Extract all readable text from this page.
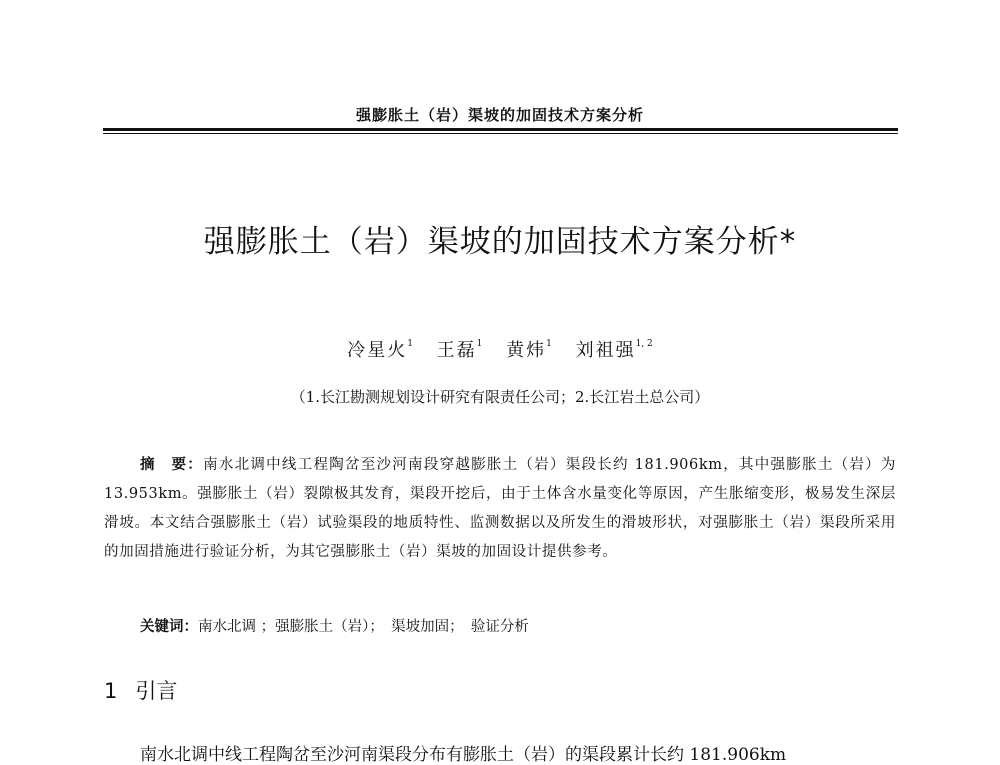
强膨胀土（岩）渠坡的加固技术方案分析
强膨胀土（岩）渠坡的加固技术方案分析*
冷星火$^1$ 王磊$^1$ 黄炜$^1$ 刘祖强$^{1, 2}$
（1.长江勘测规划设计研究有限责任公司；2.长江岩土总公司）
摘　要：南水北调中线工程陶岔至沙河南段穿越膨胀土（岩）渠段长约 181.906km，其中强膨胀土（岩）为 13.953km。强膨胀土（岩）裂隙极其发育，渠段开挖后，由于土体含水量变化等原因，产生胀缩变形，极易发生深层滑坡。本文结合强膨胀土（岩）试验渠段的地质特性、监测数据以及所发生的滑坡形状，对强膨胀土（岩）渠段所采用的加固措施进行验证分析，为其它强膨胀土（岩）渠坡的加固设计提供参考。
关键词：南水北调 ；强膨胀土（岩）；　渠坡加固；　验证分析
1 引言
南水北调中线工程陶岔至沙河南渠段分布有膨胀土（岩）的渠段累计长约 181.906km
